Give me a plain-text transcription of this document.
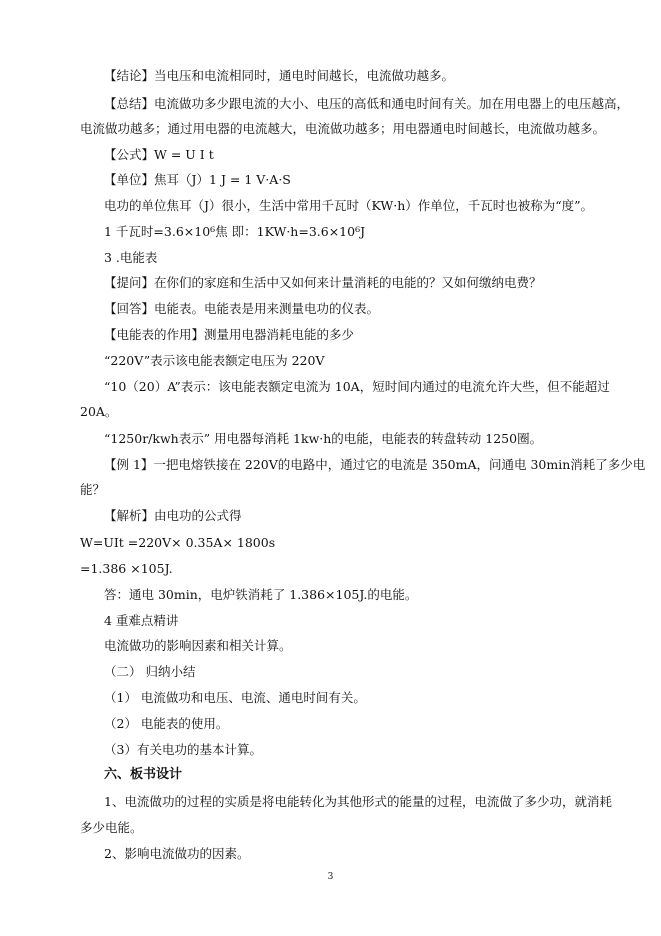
【结论】当电压和电流相同时，通电时间越长，电流做功越多。
【总结】电流做功多少跟电流的大小、电压的高低和通电时间有关。加在用电器上的电压越高，
电流做功越多；通过用电器的电流越大，电流做功越多；用电器通电时间越长，电流做功越多。
【公式】W = U I t
【单位】焦耳（J）1 J = 1 V·A·S
电功的单位焦耳（J）很小，生活中常用千瓦时（KW·h）作单位，千瓦时也被称为“度”。
1 千瓦时=3.6×10⁶焦 即：1KW·h=3.6×10⁶J
3 .电能表
【提问】在你们的家庭和生活中又如何来计量消耗的电能的？又如何缴纳电费？
【回答】电能表。电能表是用来测量电功的仪表。
【电能表的作用】测量用电器消耗电能的多少
“220V”表示该电能表额定电压为 220V
“10（20）A”表示：该电能表额定电流为 10A，短时间内通过的电流允许大些，但不能超过
20A。
“1250r/kwh表示” 用电器每消耗 1kw·h的电能，电能表的转盘转动 1250圈。
【例 1】一把电熔铁接在 220V的电路中，通过它的电流是 350mA，问通电 30min消耗了多少电
能？
【解析】由电功的公式得
W=UIt =220V× 0.35A× 1800s
=1.386 ×105J.
答：通电 30min，电炉铁消耗了 1.386×105J.的电能。
4 重难点精讲
电流做功的影响因素和相关计算。
（二） 归纳小结
（1） 电流做功和电压、电流、通电时间有关。
（2） 电能表的使用。
（3）有关电功的基本计算。
六、板书设计
1、电流做功的过程的实质是将电能转化为其他形式的能量的过程，电流做了多少功，就消耗
多少电能。
2、影响电流做功的因素。
3
